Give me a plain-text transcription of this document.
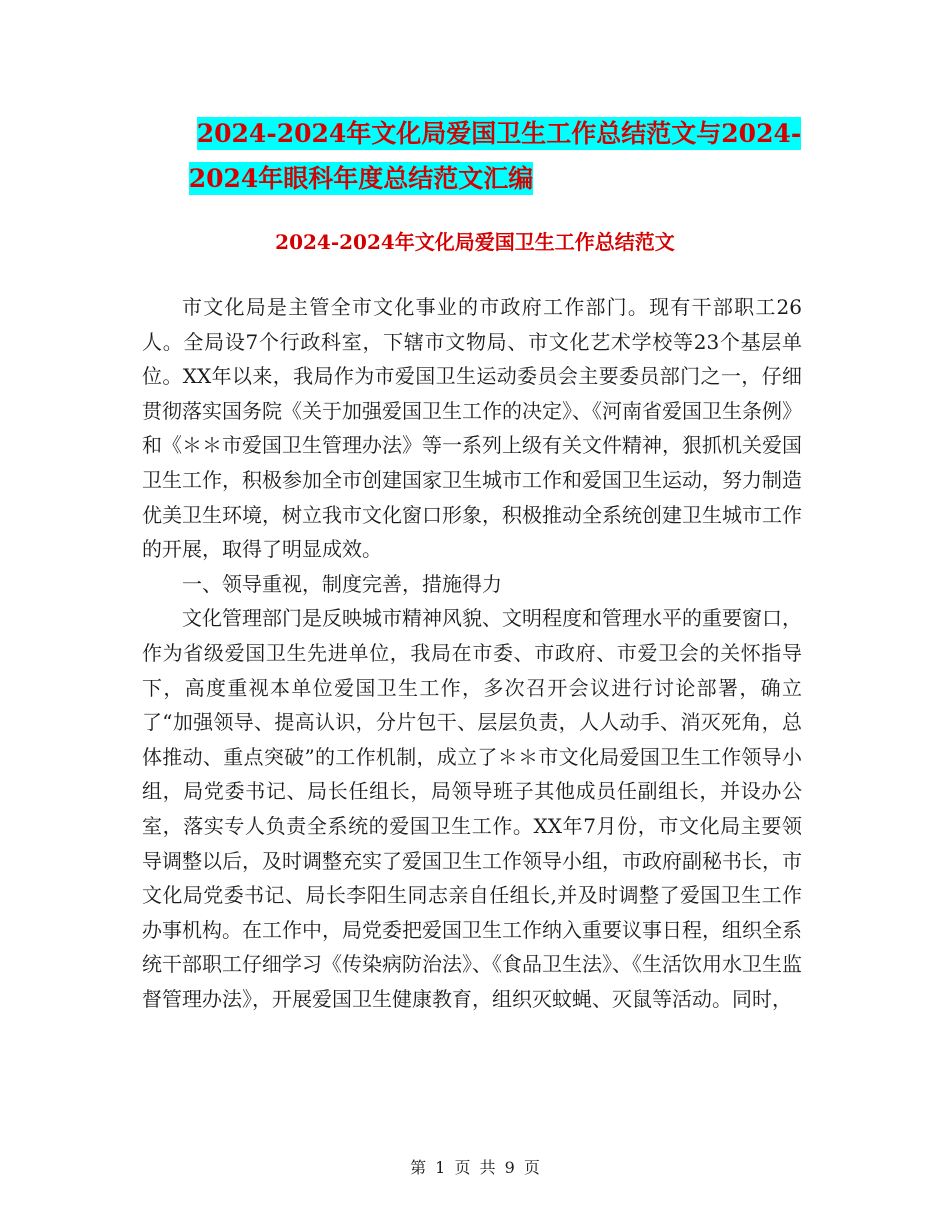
2024-2024年文化局爱国卫生工作总结范文与2024-
2024年眼科年度总结范文汇编
2024-2024年文化局爱国卫生工作总结范文

市文化局是主管全市文化事业的市政府工作部门。现有干部职工26人。全局设7个行政科室，下辖市文物局、市文化艺术学校等23个基层单位。XX年以来，我局作为市爱国卫生运动委员会主要委员部门之一，仔细贯彻落实国务院《关于加强爱国卫生工作的决定》、《河南省爱国卫生条例》和《＊＊市爱国卫生管理办法》等一系列上级有关文件精神，狠抓机关爱国卫生工作，积极参加全市创建国家卫生城市工作和爱国卫生运动，努力制造优美卫生环境，树立我市文化窗口形象，积极推动全系统创建卫生城市工作的开展，取得了明显成效。

一、领导重视，制度完善，措施得力

文化管理部门是反映城市精神风貌、文明程度和管理水平的重要窗口，作为省级爱国卫生先进单位，我局在市委、市政府、市爱卫会的关怀指导下，高度重视本单位爱国卫生工作，多次召开会议进行讨论部署，确立了“加强领导、提高认识，分片包干、层层负责，人人动手、消灭死角，总体推动、重点突破”的工作机制，成立了＊＊市文化局爱国卫生工作领导小组，局党委书记、局长任组长，局领导班子其他成员任副组长，并设办公室，落实专人负责全系统的爱国卫生工作。XX年7月份，市文化局主要领导调整以后，及时调整充实了爱国卫生工作领导小组，市政府副秘书长，市文化局党委书记、局长李阳生同志亲自任组长,并及时调整了爱国卫生工作办事机构。在工作中，局党委把爱国卫生工作纳入重要议事日程，组织全系统干部职工仔细学习《传染病防治法》、《食品卫生法》、《生活饮用水卫生监督管理办法》，开展爱国卫生健康教育，组织灭蚊蝇、灭鼠等活动。同时，

第 1 页 共 9 页
